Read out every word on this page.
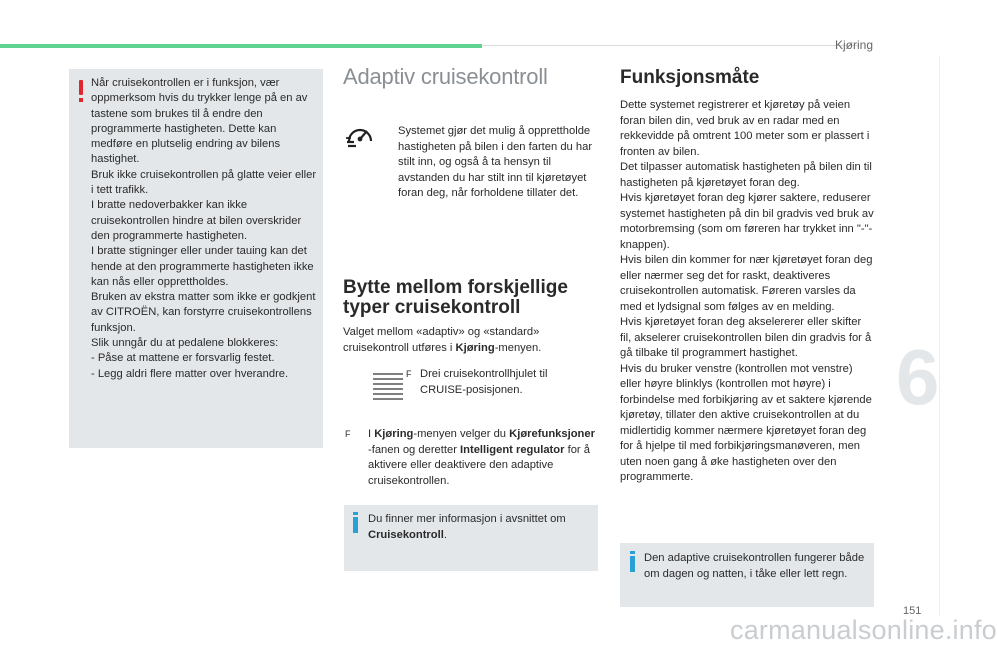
Kjøring
6

Når cruisekontrollen er i funksjon, vær oppmerksom hvis du trykker lenge på en av tastene som brukes til å endre den programmerte hastigheten. Dette kan medføre en plutselig endring av bilens hastighet.

Bruk ikke cruisekontrollen på glatte veier eller i tett trafikk.

I bratte nedoverbakker kan ikke cruisekontrollen hindre at bilen overskrider den programmerte hastigheten.

I bratte stigninger eller under tauing kan det hende at den programmerte hastigheten ikke kan nås eller opprettholdes.

Bruken av ekstra matter som ikke er godkjent av CITROËN, kan forstyrre cruisekontrollens funksjon.

Slik unngår du at pedalene blokkeres:

- Påse at mattene er forsvarlig festet.
- Legg aldri flere matter over hverandre.
Adaptiv cruisekontroll
Systemet gjør det mulig å opprettholde hastigheten på bilen i den farten du har stilt inn, og også å ta hensyn til avstanden du har stilt inn til kjøretøyet foran deg, når forholdene tillater det.
Bytte mellom forskjellige typer cruisekontroll
Valget mellom «adaptiv» og «standard» cruisekontroll utføres i Kjøring-menyen.
F Drei cruisekontrollhjulet til CRUISE-posisjonen.
F I Kjøring-menyen velger du Kjørefunksjoner -fanen og deretter Intelligent regulator for å aktivere eller deaktivere den adaptive cruisekontrollen.
Du finner mer informasjon i avsnittet om Cruisekontroll.
Funksjonsmåte

Dette systemet registrerer et kjøretøy på veien foran bilen din, ved bruk av en radar med en rekkevidde på omtrent 100 meter som er plassert i fronten av bilen.

Det tilpasser automatisk hastigheten på bilen din til hastigheten på kjøretøyet foran deg.

Hvis kjøretøyet foran deg kjører saktere, reduserer systemet hastigheten på din bil gradvis ved bruk av motorbremsing (som om føreren har trykket inn "-"-knappen).

Hvis bilen din kommer for nær kjøretøyet foran deg eller nærmer seg det for raskt, deaktiveres cruisekontrollen automatisk. Føreren varsles da med et lydsignal som følges av en melding.

Hvis kjøretøyet foran deg akselererer eller skifter fil, akselerer cruisekontrollen bilen din gradvis for å gå tilbake til programmert hastighet.

Hvis du bruker venstre (kontrollen mot venstre) eller høyre blinklys (kontrollen mot høyre) i forbindelse med forbikjøring av et saktere kjørende kjøretøy, tillater den aktive cruisekontrollen at du midlertidig kommer nærmere kjøretøyet foran deg for å hjelpe til med forbikjøringsmanøveren, men uten noen gang å øke hastigheten over den programmerte.

Den adaptive cruisekontrollen fungerer både om dagen og natten, i tåke eller lett regn.
151
carmanualsonline.info
